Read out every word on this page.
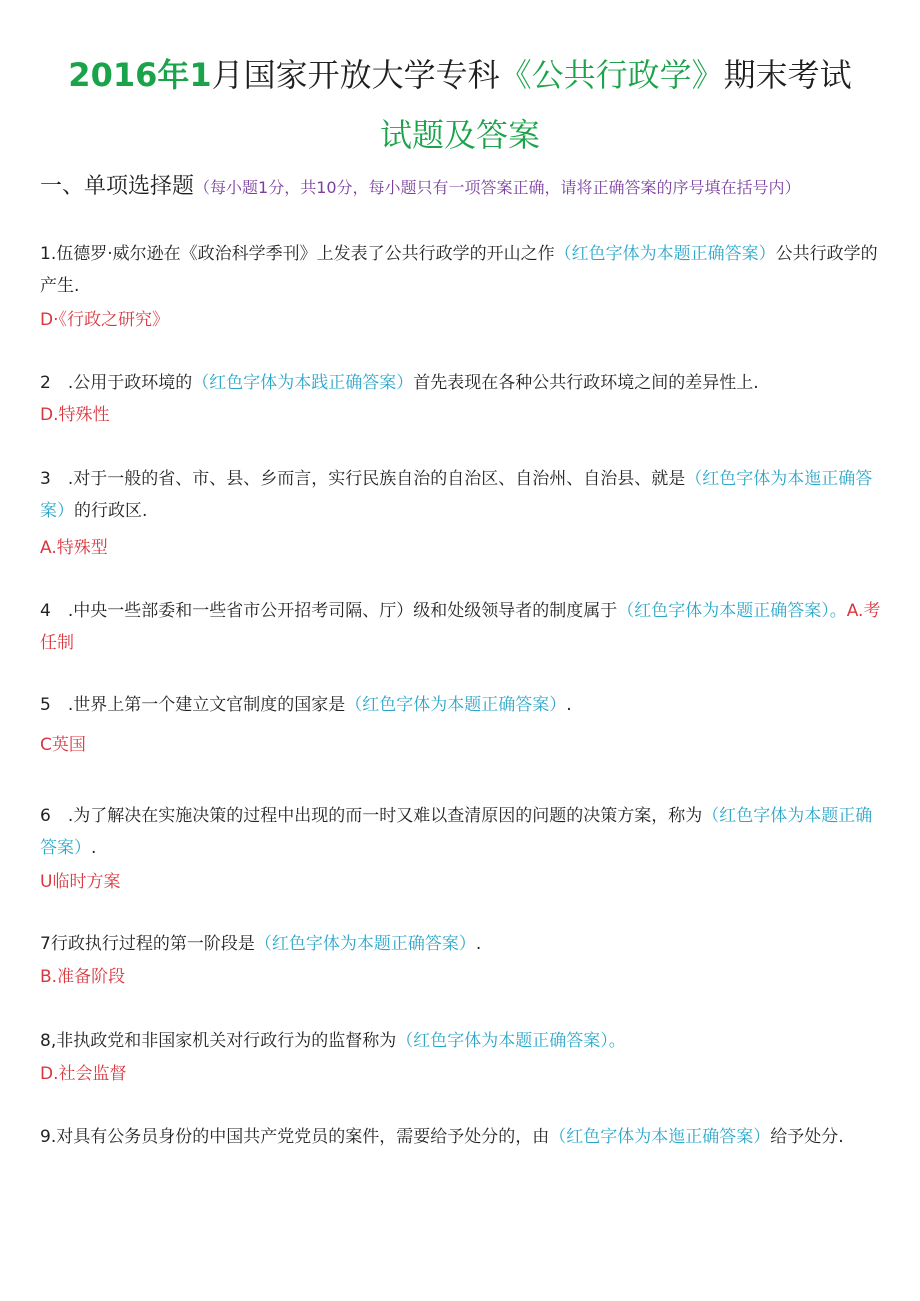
2016年1月国家开放大学专科《公共行政学》期末考试
试题及答案
一、单项选择题（每小题1分，共10分，每小题只有一项答案正确，请将正确答案的序号填在括号内）
1.伍德罗·威尔逊在《政治科学季刊》上发表了公共行政学的开山之作（红色字体为本题正确答案）公共行政学的产生.
D·《行政之研究》
2　.公用于政环境的（红色字体为本践正确答案）首先表现在各种公共行政环境之间的差异性上.
D.特殊性
3　.对于一般的省、市、县、乡而言，实行民族自治的自治区、自治州、自治县、就是（红色字体为本迤正确答案）的行政区.
A.特殊型
4　.中央一些部委和一些省市公开招考司隔、厅）级和处级领导者的制度属于（红色字体为本题正确答案）。A.考任制
5　.世界上第一个建立文官制度的国家是（红色字体为本题正确答案）.
C英国
6　.为了解决在实施决策的过程中出现的而一时又难以查清原因的问题的决策方案，称为（红色字体为本题正确答案）.
U临时方案
7行政执行过程的第一阶段是（红色字体为本题正确答案）.
B.准备阶段
8,非执政党和非国家机关对行政行为的监督称为（红色字体为本题正确答案）。
D.社会监督
9.对具有公务员身份的中国共产党党员的案件，需要给予处分的，由（红色字体为本迤正确答案）给予处分.
